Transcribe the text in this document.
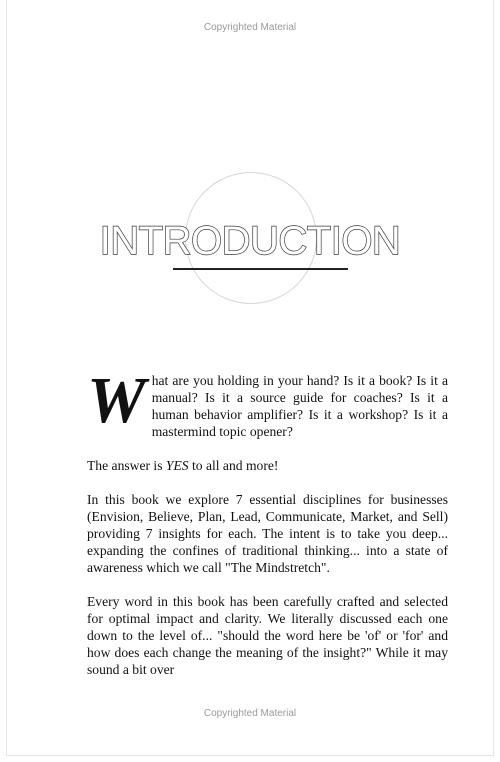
Copyrighted Material
INTRODUCTION

What are you holding in your hand? Is it a book? Is it a manual? Is it a source guide for coaches? Is it a human behavior amplifier? Is it a workshop? Is it a mastermind topic opener?

The answer is YES to all and more!

In this book we explore 7 essential disciplines for businesses (Envision, Believe, Plan, Lead, Communicate, Market, and Sell) providing 7 insights for each. The intent is to take you deep... expanding the confines of traditional thinking... into a state of awareness which we call "The Mindstretch".

Every word in this book has been carefully crafted and selected for optimal impact and clarity. We literally discussed each one down to the level of... "should the word here be 'of' or 'for' and how does each change the meaning of the insight?" While it may sound a bit over

Copyrighted Material
